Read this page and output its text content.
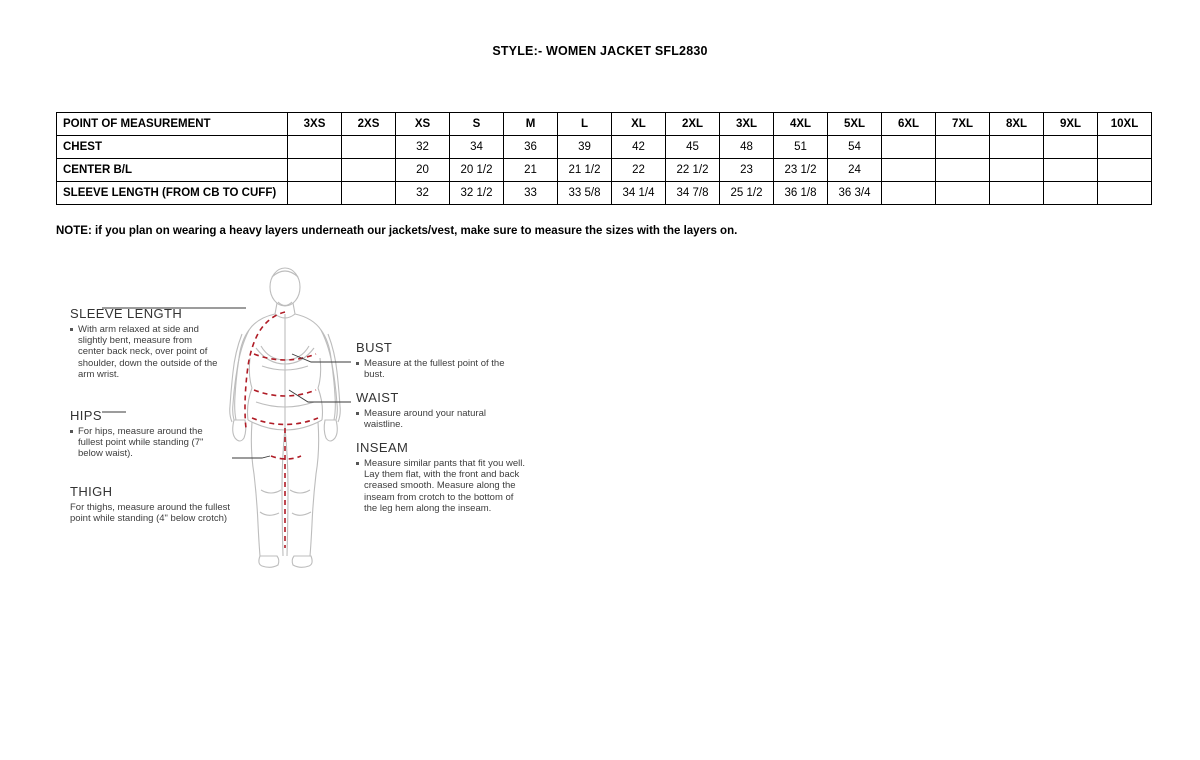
STYLE:- WOMEN JACKET SFL2830
POINT OF MEASUREMENT	3XS	2XS	XS	S	M	L	XL	2XL	3XL	4XL	5XL	6XL	7XL	8XL	9XL	10XL
CHEST			32	34	36	39	42	45	48	51	54					
CENTER B/L			20	20 1/2	21	21 1/2	22	22 1/2	23	23 1/2	24					
SLEEVE LENGTH (FROM CB TO CUFF)			32	32 1/2	33	33 5/8	34 1/4	34 7/8	25 1/2	36 1/8	36 3/4					
NOTE: if you plan on wearing a heavy layers underneath our jackets/vest, make sure to measure the sizes with the layers on.
SLEEVE LENGTH
With arm relaxed at side and slightly bent, measure from center back neck, over point of shoulder, down the outside of the arm wrist.
HIPS
For hips, measure around the fullest point while standing (7" below waist).
THIGH
For thighs, measure around the fullest point while standing (4" below crotch)
BUST
Measure at the fullest point of the bust.
WAIST
Measure around your natural waistline.
INSEAM
Measure similar pants that fit you well. Lay them flat, with the front and back creased smooth. Measure along the inseam from crotch to the bottom of the leg hem along the inseam.
